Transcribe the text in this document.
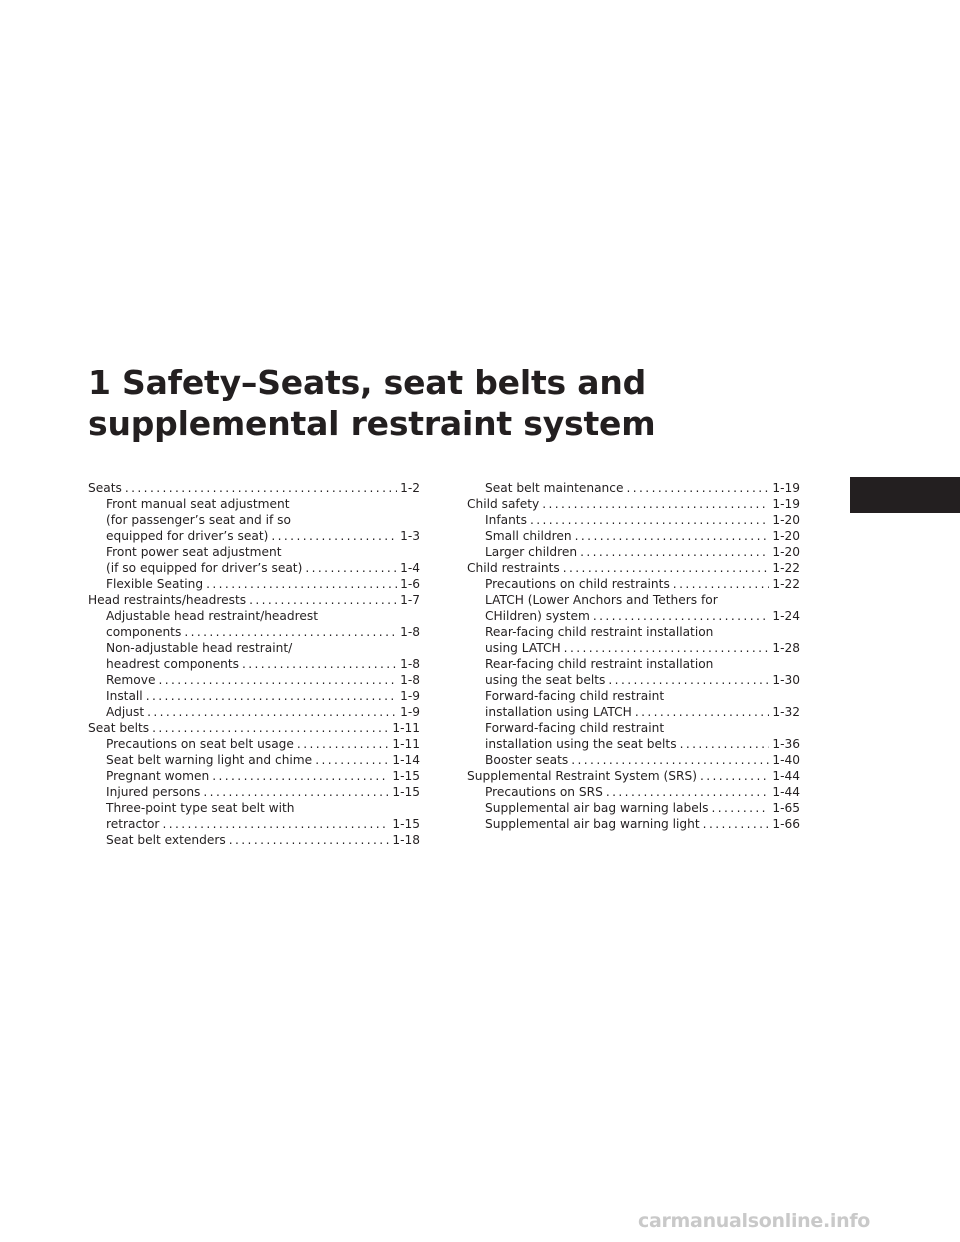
1 Safety–Seats, seat belts and
supplemental restraint system
Seats .....	1-2
Front manual seat adjustment
(for passenger’s seat and if so
equipped for driver’s seat) .....	1-3
Front power seat adjustment
(if so equipped for driver’s seat) .....	1-4
Flexible Seating .....	1-6
Head restraints/headrests .....	1-7
Adjustable head restraint/headrest
components .....	1-8
Non-adjustable head restraint/
headrest components .....	1-8
Remove .....	1-8
Install .....	1-9
Adjust .....	1-9
Seat belts .....	1-11
Precautions on seat belt usage .....	1-11
Seat belt warning light and chime .....	1-14
Pregnant women .....	1-15
Injured persons .....	1-15
Three-point type seat belt with
retractor .....	1-15
Seat belt extenders .....	1-18
Seat belt maintenance .....	1-19
Child safety .....	1-19
Infants .....	1-20
Small children .....	1-20
Larger children .....	1-20
Child restraints .....	1-22
Precautions on child restraints .....	1-22
LATCH (Lower Anchors and Tethers for
CHildren) system .....	1-24
Rear-facing child restraint installation
using LATCH .....	1-28
Rear-facing child restraint installation
using the seat belts .....	1-30
Forward-facing child restraint
installation using LATCH .....	1-32
Forward-facing child restraint
installation using the seat belts .....	1-36
Booster seats .....	1-40
Supplemental Restraint System (SRS) .....	1-44
Precautions on SRS .....	1-44
Supplemental air bag warning labels .....	1-65
Supplemental air bag warning light .....	1-66
carmanualsonline.info
